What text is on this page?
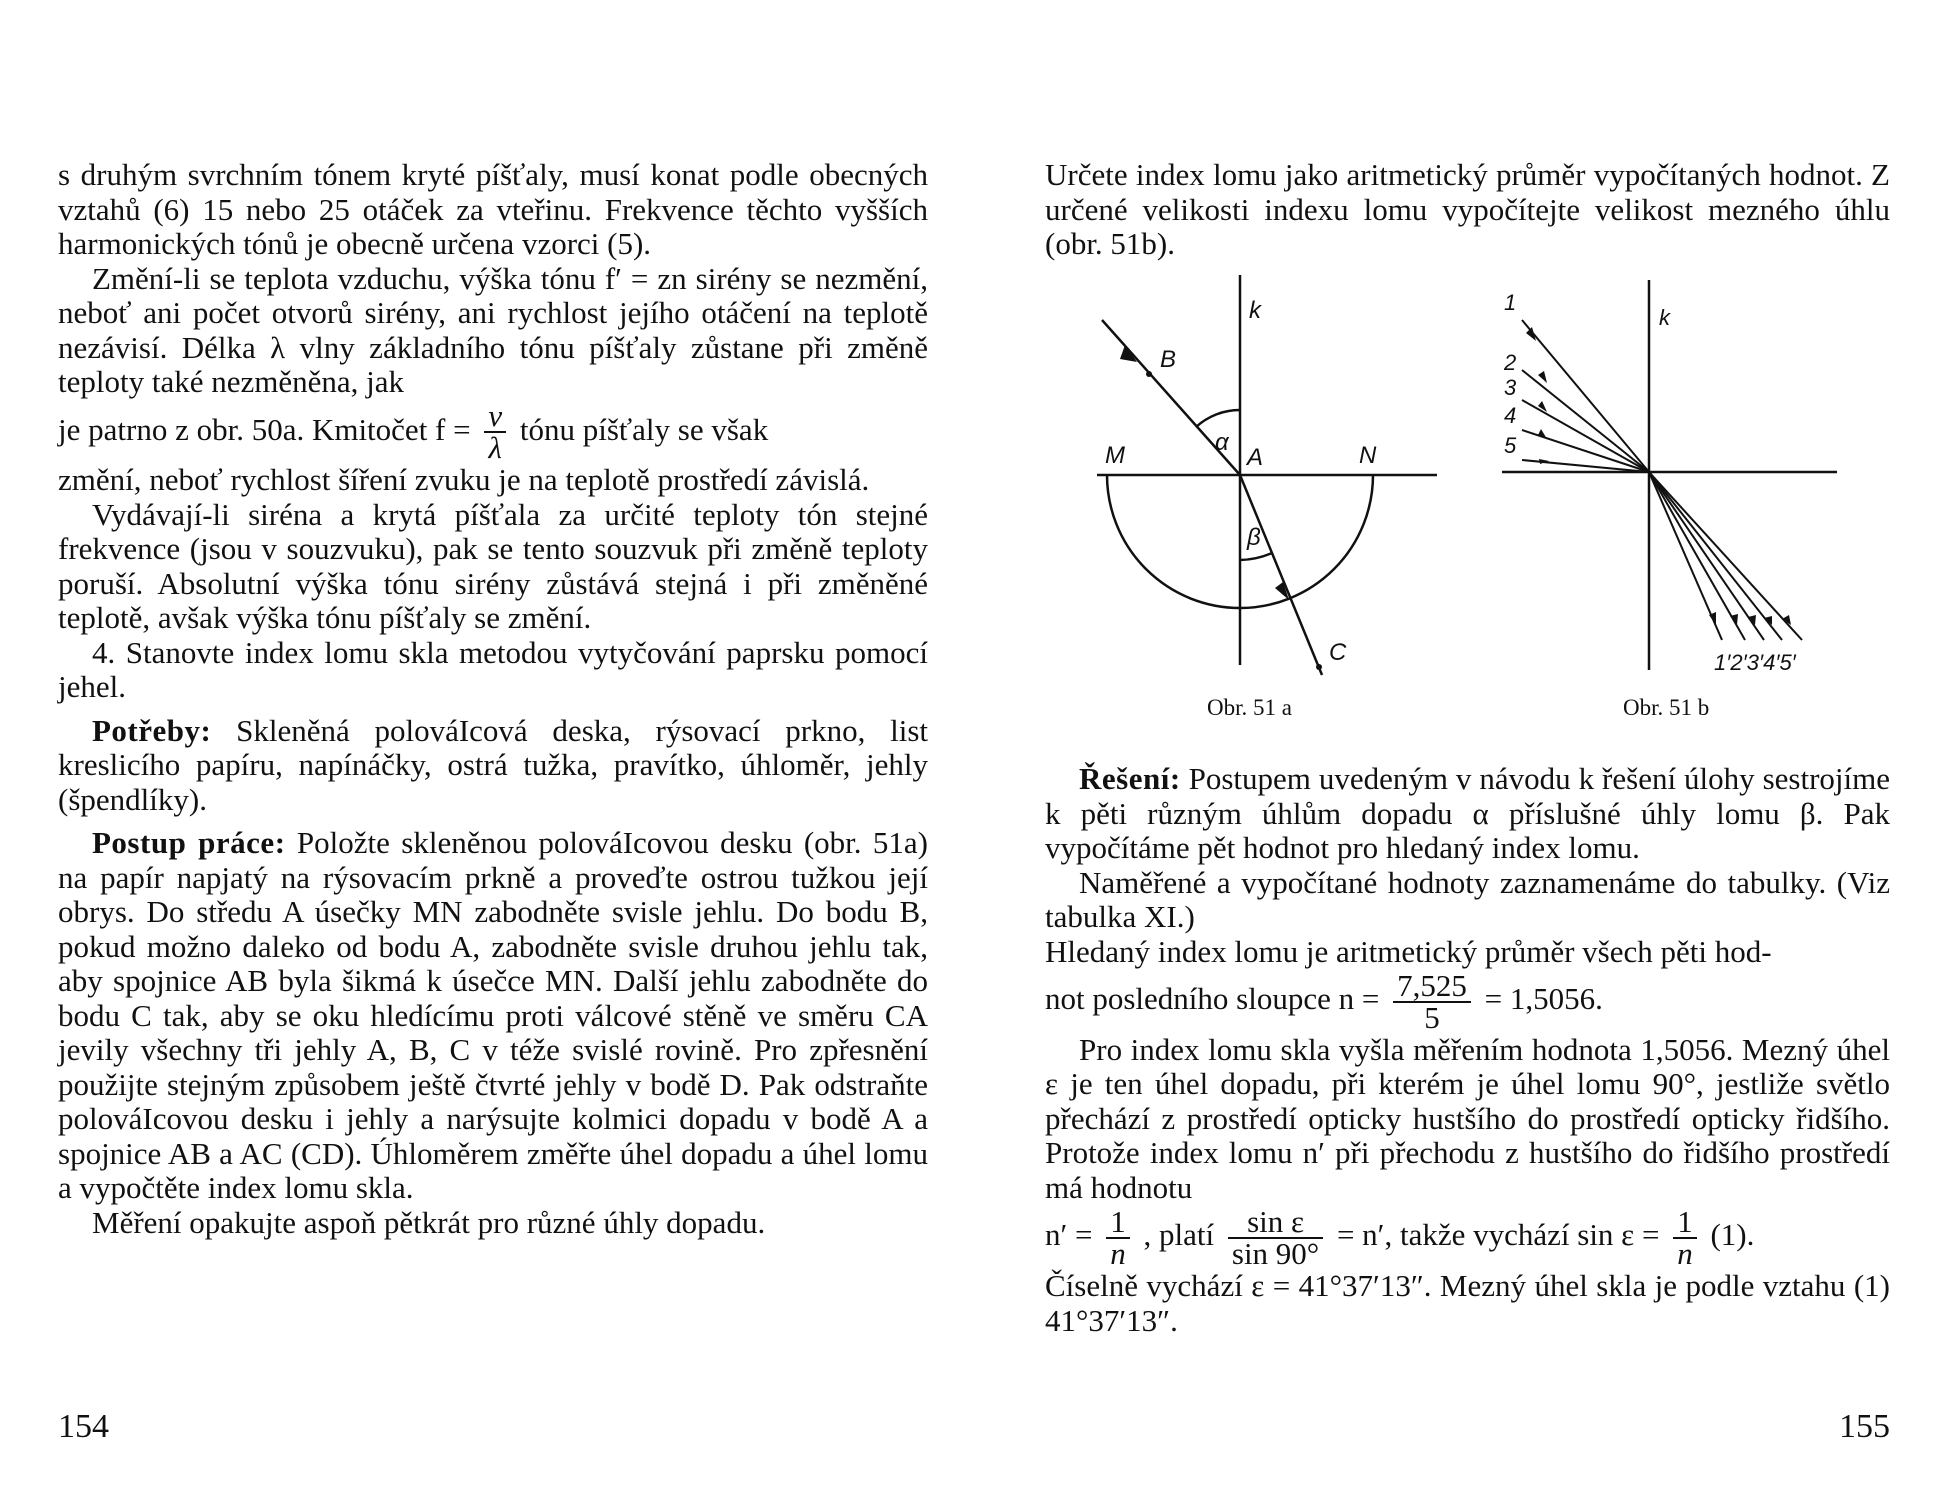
s druhým svrchním tónem kryté píšťaly, musí konat podle obecných vztahů (6) 15 nebo 25 otáček za vteřinu. Frekvence těchto vyšších harmonických tónů je obecně určena vzorci (5).

Změní-li se teplota vzduchu, výška tónu f′ = zn sirény se nezmění, neboť ani počet otvorů sirény, ani rychlost jejího otáčení na teplotě nezávisí. Délka λ vlny základního tónu píšťaly zůstane při změně teploty také nezměněna, jak

je patrno z obr. 50a. Kmitočet $f = \frac{v}{\lambda}$ tónu píšťaly se však

změní, neboť rychlost šíření zvuku je na teplotě prostředí závislá.

Vydávají-li siréna a krytá píšťala za určité teploty tón stejné frekvence (jsou v souzvuku), pak se tento souzvuk při změně teploty poruší. Absolutní výška tónu sirény zůstává stejná i při změněné teplotě, avšak výška tónu píšťaly se změní.

4. Stanovte index lomu skla metodou vytyčování paprsku pomocí jehel.

Potřeby: Skleněná polováIcová deska, rýsovací prkno, list kreslicího papíru, napínáčky, ostrá tužka, pravítko, úhloměr, jehly (špendlíky).

Postup práce: Položte skleněnou polováIcovou desku (obr. 51a) na papír napjatý na rýsovacím prkně a proveďte ostrou tužkou její obrys. Do středu A úsečky MN zabodněte svisle jehlu. Do bodu B, pokud možno daleko od bodu A, zabodněte svisle druhou jehlu tak, aby spojnice AB byla šikmá k úsečce MN. Další jehlu zabodněte do bodu C tak, aby se oku hledícímu proti válcové stěně ve směru CA jevily všechny tři jehly A, B, C v téže svislé rovině. Pro zpřesnění použijte stejným způsobem ještě čtvrté jehly v bodě D. Pak odstraňte polováIcovou desku i jehly a narýsujte kolmici dopadu v bodě A a spojnice AB a AC (CD). Úhloměrem změřte úhel dopadu a úhel lomu a vypočtěte index lomu skla.

Měření opakujte aspoň pětkrát pro různé úhly dopadu.

154

Určete index lomu jako aritmetický průměr vypočítaných hodnot. Z určené velikosti indexu lomu vypočítejte velikost mezného úhlu (obr. 51b).

k
B
α
M	A	N
β
C
Obr. 51 a
k
1
2
3
4
5
1′2′3′4′5′
Obr. 51 b

Řešení: Postupem uvedeným v návodu k řešení úlohy sestrojíme k pěti různým úhlům dopadu α příslušné úhly lomu β. Pak vypočítáme pět hodnot pro hledaný index lomu.

Naměřené a vypočítané hodnoty zaznamenáme do tabulky. (Viz tabulka XI.)

Hledaný index lomu je aritmetický průměr všech pěti hod-

not posledního sloupce $n = \frac{7,525}{5} = 1,5056$.

Pro index lomu skla vyšla měřením hodnota 1,5056. Mezný úhel ε je ten úhel dopadu, při kterém je úhel lomu 90°, jestliže světlo přechází z prostředí opticky hustšího do prostředí opticky řidšího. Protože index lomu n′ při přechodu z hustšího do řidšího prostředí má hodnotu

$n' = \frac{1}{n}$ , platí $\frac{\text{sin ε}}{\sin 90^\circ} = n'$, takže vychází $\sin \varepsilon = \frac{1}{n} (1)$.

Číselně vychází ε = 41°37′13″. Mezný úhel skla je podle vztahu (1) 41°37′13″.

155
